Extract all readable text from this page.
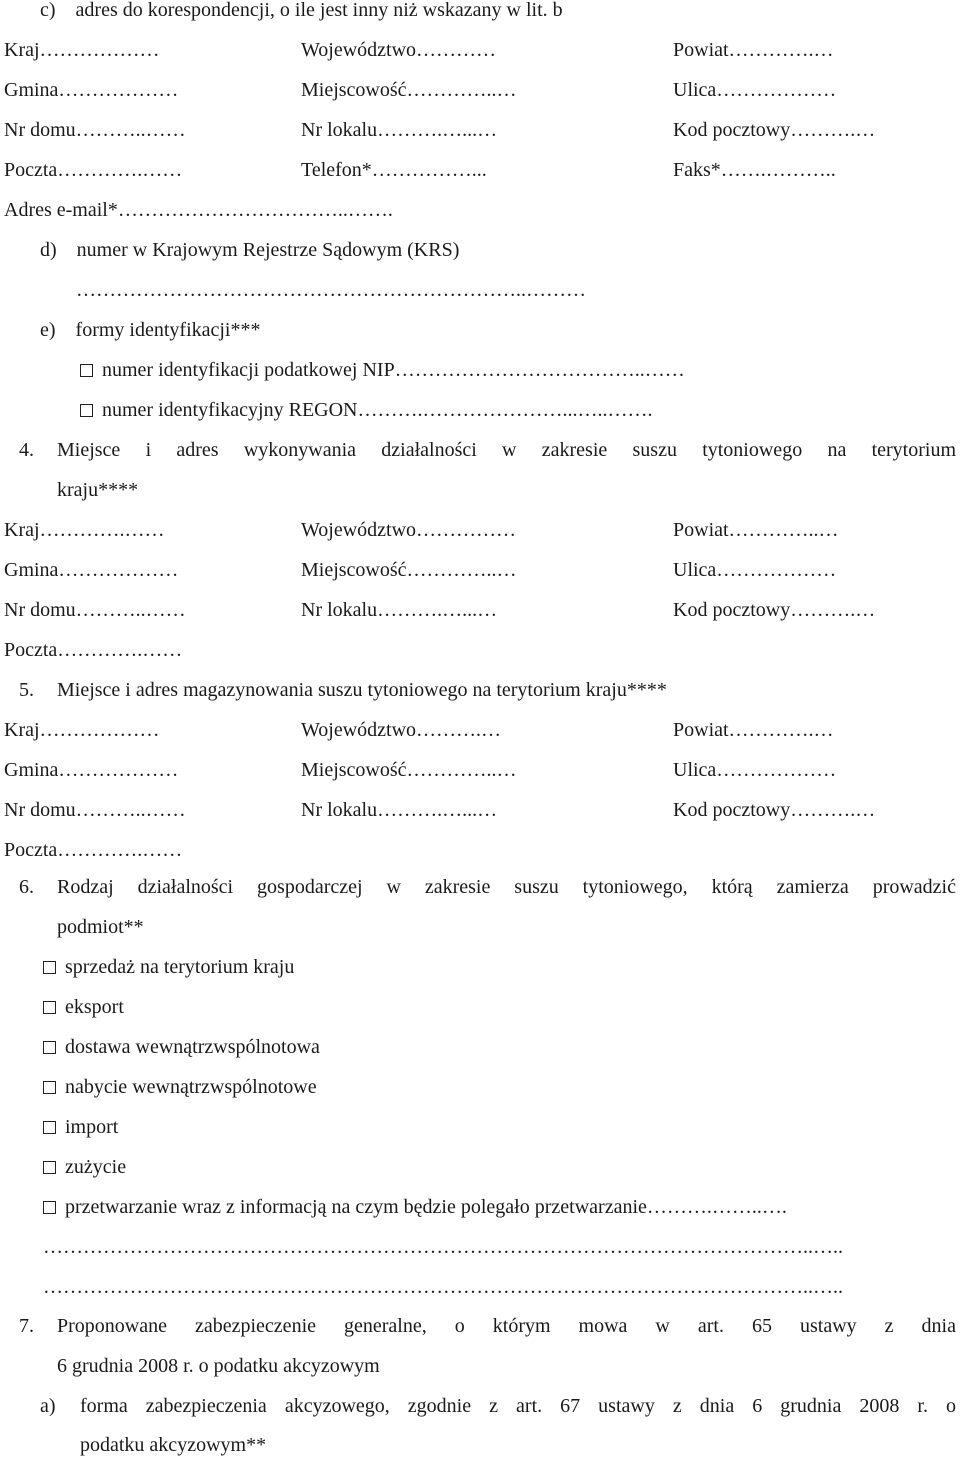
c) adres do korespondencji, o ile jest inny niż wskazany w lit. b
Kraj………………	Województwo…………	Powiat………….…
Gmina………………	Miejscowość…………..…	Ulica………………
Nr domu………..……	Nr lokalu……….…...…	Kod pocztowy……….…
Poczta………….……	Telefon*……………...	Faks*…….………..
Adres e-mail*……………………………..…….
d) numer w Krajowym Rejestrze Sądowym (KRS)
…………………………………………………………..………
e) formy identyfikacji***
numer identyfikacji podatkowej NIP………………………………..……
numer identyfikacyjny REGON……….…………………...…..…….
4. Miejsce i adres wykonywania działalności w zakresie suszu tytoniowego na terytorium
kraju****
Kraj………….……	Województwo……………	Powiat…………..…
Gmina………………	Miejscowość…………..…	Ulica………………
Nr domu………..……	Nr lokalu……….…...…	Kod pocztowy……….…
Poczta………….……
5. Miejsce i adres magazynowania suszu tytoniowego na terytorium kraju****
Kraj………………	Województwo……….…	Powiat………….…
Gmina………………	Miejscowość…………..…	Ulica………………
Nr domu………..……	Nr lokalu……….…...…	Kod pocztowy……….…
Poczta………….……
6. Rodzaj działalności gospodarczej w zakresie suszu tytoniowego, którą zamierza prowadzić
podmiot**
sprzedaż na terytorium kraju
eksport
dostawa wewnątrzwspólnotowa
nabycie wewnątrzwspólnotowe
import
zużycie
przetwarzanie wraz z informacją na czym będzie polegało przetwarzanie……….……..….
……………………………………………………………………………………………………..…..
……………………………………………………………………………………………………..…..
7. Proponowane zabezpieczenie generalne, o którym mowa w art. 65 ustawy z dnia
6 grudnia 2008 r. o podatku akcyzowym
a) forma zabezpieczenia akcyzowego, zgodnie z art. 67 ustawy z dnia 6 grudnia 2008 r. o
podatku akcyzowym**
